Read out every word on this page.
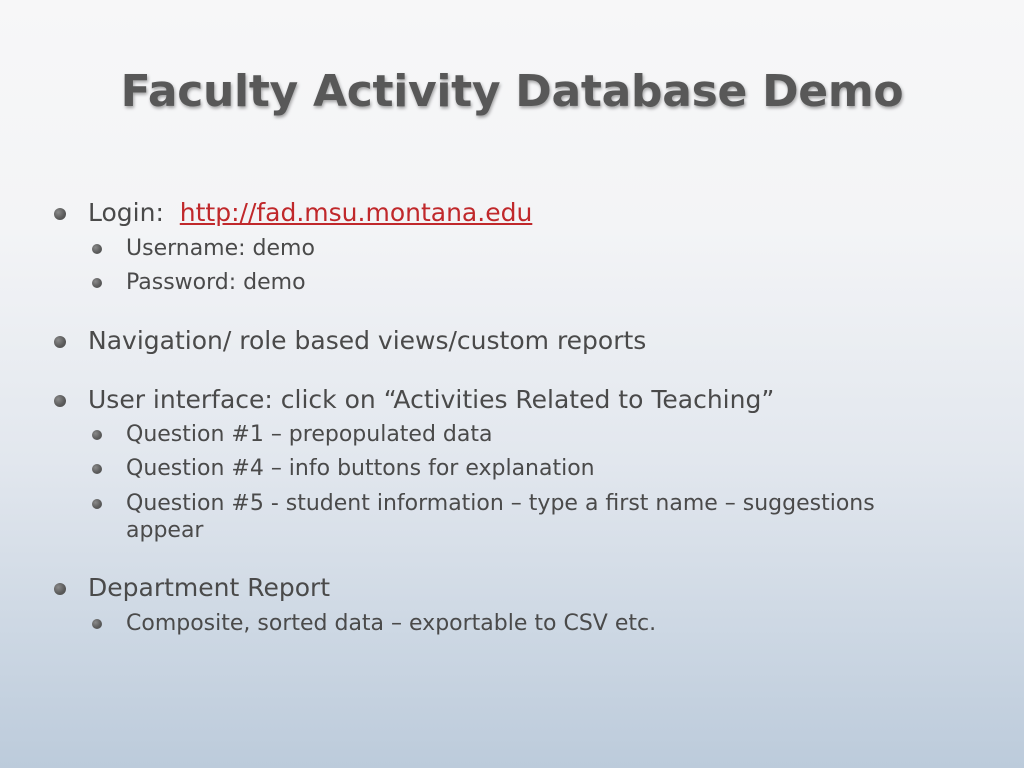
Faculty Activity Database Demo
Login: http://fad.msu.montana.edu
Username: demo
Password: demo
Navigation/ role based views/custom reports
User interface: click on “Activities Related to Teaching”
Question #1 – prepopulated data
Question #4 – info buttons for explanation
Question #5 - student information – type a first name – suggestions appear
Department Report
Composite, sorted data – exportable to CSV etc.
